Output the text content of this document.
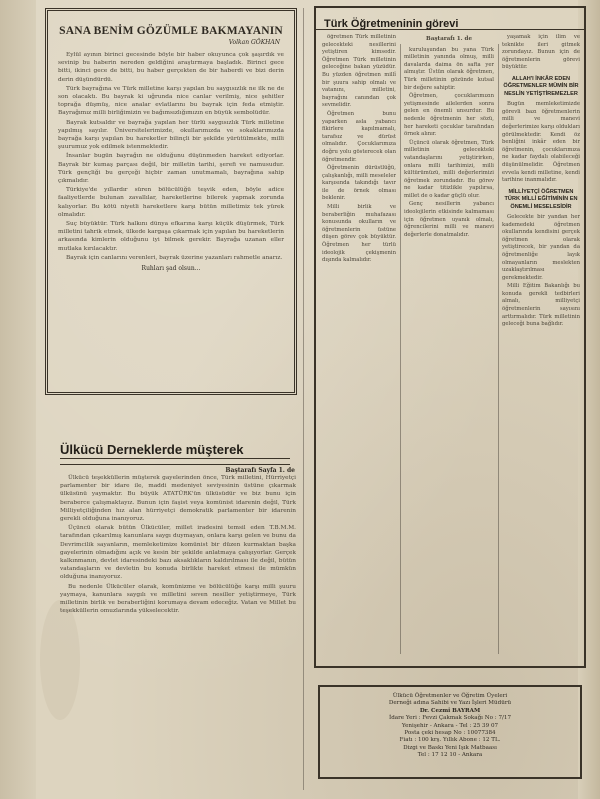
SANA BENİM GÖZÜMLE BAKMAYANIN
Volkan GÖKHAN

Eylül ayının birinci gecesinde böyle bir haber okuyunca çok şaşırdık ve sevinip bu haberin nereden geldiğini araştırmaya başladık. Birinci gece bitti, ikinci gece de bitti, bu haber gerçekten de bir haberdi ve bizi derin derin düşündürdü.

Türk bayrağına ve Türk milletine karşı yapılan bu saygısızlık ne ilk ne de son olacaktı. Bu bayrak ki uğrunda nice canlar verilmiş, nice şehitler toprağa düşmüş, nice analar evlatlarını bu bayrak için feda etmiştir. Bayrağımız milli birliğimizin ve bağımsızlığımızın en büyük sembolüdür.

Bayrak kutsaldır ve bayrağa yapılan her türlü saygısızlık Türk milletine yapılmış sayılır. Üniversitelerimizde, okullarımızda ve sokaklarımızda bayrağa karşı yapılan bu hareketler bilinçli bir şekilde yürütülmekte, milli şuurumuz yok edilmek istenmektedir.

İnsanlar bugün bayrağın ne olduğunu düşünmeden hareket ediyorlar. Bayrak bir kumaş parçası değil, bir milletin tarihi, şerefi ve namusudur. Türk gençliği bu gerçeği hiçbir zaman unutmamalı, bayrağına sahip çıkmalıdır.

Türkiye'de yıllardır süren bölücülüğü teşvik eden, böyle adice faaliyetlerde bulunan zavallılar, hareketlerine bilerek yapmak zorunda kalıyorlar. Bu kötü niyetli hareketlere karşı bütün milletimiz tek yürek olmalıdır.

Suç büyüktür. Türk halkını dünya efkarına karşı küçük düşürmek, Türk milletini tahrik etmek, ülkede kargaşa çıkarmak için yapılan bu hareketlerin arkasında kimlerin olduğunu iyi bilmek gerekir. Bayrağa uzanan eller mutlaka kırılacaktır.

Bayrak için canlarını verenleri, bayrak üzerine yazanları rahmetle anarız.

Ruhları şad olsun...
Ülkücü Derneklerde müşterek
Baştarafı Sayfa 1. de

Ülkücü teşekküllerin müşterek gayelerinden önce, Türk milletini, Hürriyetçi parlamenter bir idare ile, maddi medeniyet seviyesinin üstüne çıkarmak ülküsünü yaymaktır. Bu büyük ATATÜRK'ün ülküsüdür ve biz bunu için beraberce çalışmaktayız. Bunun için faşist veya komünist idarenin değil, Türk Milliyetçiliğinden hız alan hürriyetçi demokratik parlamenter bir idarenin gerekli olduğuna inanıyoruz.

Üçüncü olarak bütün Ülkücüler, millet iradesini temsil eden T.B.M.M. tarafından çıkarılmış kanunlara saygı duymayan, onlara karşı gelen ve bunu da Devrimcilik sayanların, memleketimize komünist bir düzen kurmaktan başka gayelerinin olmadığını açık ve kesin bir şekilde anlatmaya çalışıyorlar. Gerçek kalkınmanın, devlet idaresindeki bazı aksaklıkların kaldırılması ile değil, bütün vatandaşların ve devletin bu konuda birlikte hareket etmesi ile mümkün olduğuna inanıyoruz.

Bu nedenle Ülkücüler olarak, komünizme ve bölücülüğe karşı milli şuuru yaymaya, kanunlara saygılı ve milletini seven nesiller yetiştirmeye, Türk milletinin birlik ve beraberliğini korumaya devam edeceğiz. Vatan ve Millet bu teşekküllerin omuzlarında yükselecektir.

Türk Öğretmeninin görevi

öğretmen Türk milletinin gelecekteki nesillerini yetiştiren kimsedir. Öğretmen Türk milletinin geleceğine bakan yüzüdür. Bu yüzden öğretmen millî bir şuura sahip olmalı ve vatanını, milletini, bayrağını canından çok sevmelidir.

Öğretmen bunu yaparken asla yabancı fikirlere kapılmamalı, tarafsız ve dürüst olmalıdır. Çocuklarımıza doğru yolu gösterecek olan öğretmendir.

Öğretmenin dürüstlüğü, çalışkanlığı, milli meseleler karşısında takındığı tavır ile de örnek olması beklenir.

Milli birlik ve beraberliğin muhafazası konusunda okulların ve öğretmenlerin üstüne düşen görev çok büyüktür. Öğretmen her türlü ideolojik çekişmenin dışında kalmalıdır.

Baştarafı 1. de

kuruluşundan bu yana Türk milletinin yanında olmuş, milli davalarda daima ön safta yer almıştır. Üstün olarak öğretmen, Türk milletinin gözünde kutsal bir değere sahiptir.

Öğretmen, çocuklarımızın yetişmesinde ailelerden sonra gelen en önemli unsurdur. Bu nedenle öğretmenin her sözü, her hareketi çocuklar tarafından örnek alınır.

Üçüncü olarak öğretmen, Türk milletinin gelecekteki vatandaşlarını yetiştirirken, onlara milli tarihimizi, milli kültürümüzü, milli değerlerimizi öğretmek zorundadır. Bu görev ne kadar titizlikle yapılırsa, millet de o kadar güçlü olur.

Genç nesillerin yabancı ideolojilerin etkisinde kalmaması için öğretmen uyanık olmalı, öğrencilerini milli ve manevi değerlerle donatmalıdır.

yaşamak için ilim ve teknikte ileri gitmek zorundayız. Bunun için de öğretmenlerin görevi büyüktür.

ALLAH'I İNKÂR EDEN ÖĞRETMENLER MÜMİN BİR NESLİN YETİŞTİREMEZLER

Bugün memleketimizde görevli bazı öğretmenlerin milli ve manevi değerlerimize karşı oldukları görülmektedir. Kendi öz benliğini inkâr eden bir öğretmenin, çocuklarımıza ne kadar faydalı olabileceği düşünülmelidir. Öğretmen evvela kendi milletine, kendi tarihine inanmalıdır.

MİLLİYETÇİ ÖĞRETMEN TÜRK MİLLİ EĞİTİMİNİN EN ÖNEMLİ MESELESİDİR

Gelecekte bir yandan her kademedeki öğretmen okullarında kendisini gerçek öğretmen olarak yetiştirecek, bir yandan da öğretmenliğe layık olmayanların meslekten uzaklaştırılması gerekmektedir.

Milli Eğitim Bakanlığı bu konuda gerekli tedbirleri almalı, milliyetçi öğretmenlerin sayısını arttırmalıdır. Türk milletinin geleceği buna bağlıdır.

Ülkücü Öğretmenler ve Öğretim Üyeleri
Derneği adına Sahibi ve Yazı İşleri Müdürü
Dr. Cezmi BAYRAM
İdare Yeri : Fevzi Çakmak Sokağı No : 7/17
Yenişehir - Ankara - Tel : 25 39 07
Posta çeki hesap No : 10077384
Fiatı : 100 krş. Yıllık Abone : 12 TL.
Dizgi ve Baskı Yeni Işık Matbaası
Tel : 17 12 10 - Ankara
